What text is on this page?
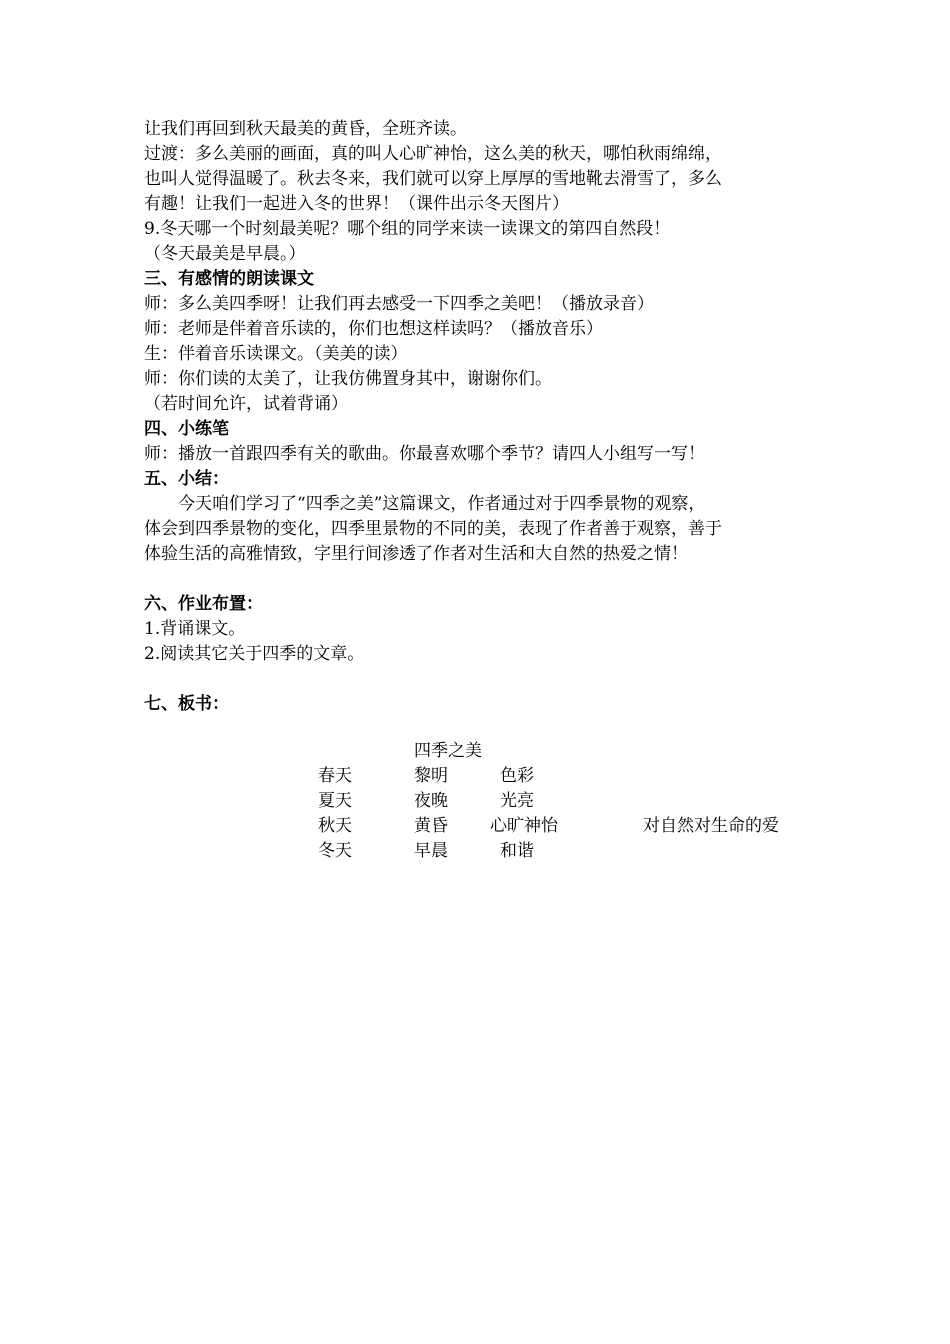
让我们再回到秋天最美的黄昏，全班齐读。
过渡：多么美丽的画面，真的叫人心旷神怡，这么美的秋天，哪怕秋雨绵绵，
也叫人觉得温暖了。秋去冬来，我们就可以穿上厚厚的雪地靴去滑雪了，多么
有趣！让我们一起进入冬的世界！（课件出示冬天图片）
9.冬天哪一个时刻最美呢？哪个组的同学来读一读课文的第四自然段！
（冬天最美是早晨。）
三、有感情的朗读课文
师：多么美四季呀！让我们再去感受一下四季之美吧！（播放录音）
师：老师是伴着音乐读的，你们也想这样读吗？（播放音乐）
生：伴着音乐读课文。（美美的读）
师：你们读的太美了，让我仿佛置身其中，谢谢你们。
（若时间允许，试着背诵）
四、小练笔
师：播放一首跟四季有关的歌曲。你最喜欢哪个季节？请四人小组写一写！
五、小结：
今天咱们学习了“四季之美”这篇课文，作者通过对于四季景物的观察，
体会到四季景物的变化，四季里景物的不同的美，表现了作者善于观察，善于
体验生活的高雅情致，字里行间渗透了作者对生活和大自然的热爱之情！
六、作业布置：
1.背诵课文。
2.阅读其它关于四季的文章。
七、板书：
四季之美
春天	黎明	色彩
夏天	夜晚	光亮
秋天	黄昏 心旷神怡	对自然对生命的爱
冬天	早晨	和谐
